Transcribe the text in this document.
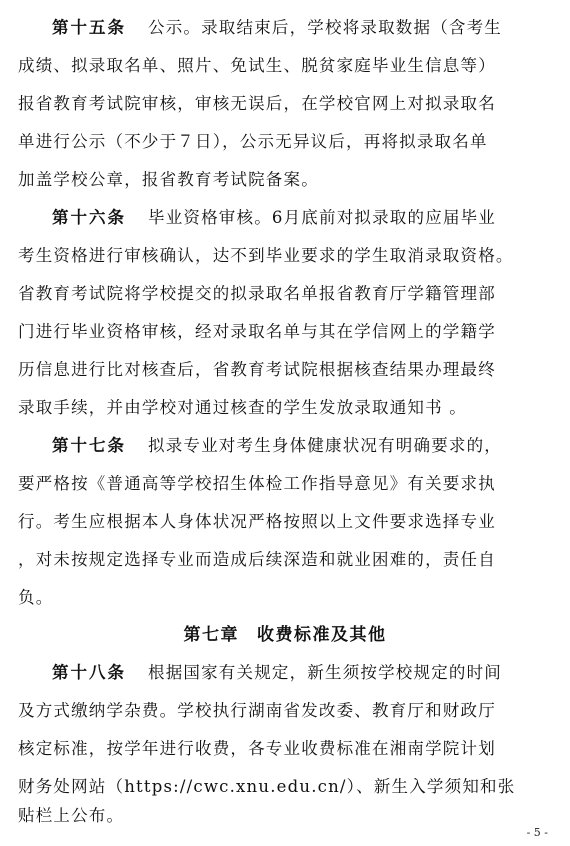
第十五条 公示。录取结束后，学校将录取数据（含考生
成绩、拟录取名单、照片、免试生、脱贫家庭毕业生信息等）
报省教育考试院审核，审核无误后，在学校官网上对拟录取名
单进行公示（不少于７日），公示无异议后，再将拟录取名单
加盖学校公章，报省教育考试院备案。
第十六条 毕业资格审核。6月底前对拟录取的应届毕业
考生资格进行审核确认，达不到毕业要求的学生取消录取资格。
省教育考试院将学校提交的拟录取名单报省教育厅学籍管理部
门进行毕业资格审核，经对录取名单与其在学信网上的学籍学
历信息进行比对核查后，省教育考试院根据核查结果办理最终
录取手续，并由学校对通过核查的学生发放录取通知书 。
第十七条 拟录专业对考生身体健康状况有明确要求的，
要严格按《普通高等学校招生体检工作指导意见》有关要求执
行。考生应根据本人身体状况严格按照以上文件要求选择专业
，对未按规定选择专业而造成后续深造和就业困难的，责任自
负。
第七章 收费标准及其他
第十八条 根据国家有关规定，新生须按学校规定的时间
及方式缴纳学杂费。学校执行湖南省发改委、教育厅和财政厅
核定标准，按学年进行收费，各专业收费标准在湘南学院计划
财务处网站（https://cwc.xnu.edu.cn/）、新生入学须知和张
贴栏上公布。
- 5 -
